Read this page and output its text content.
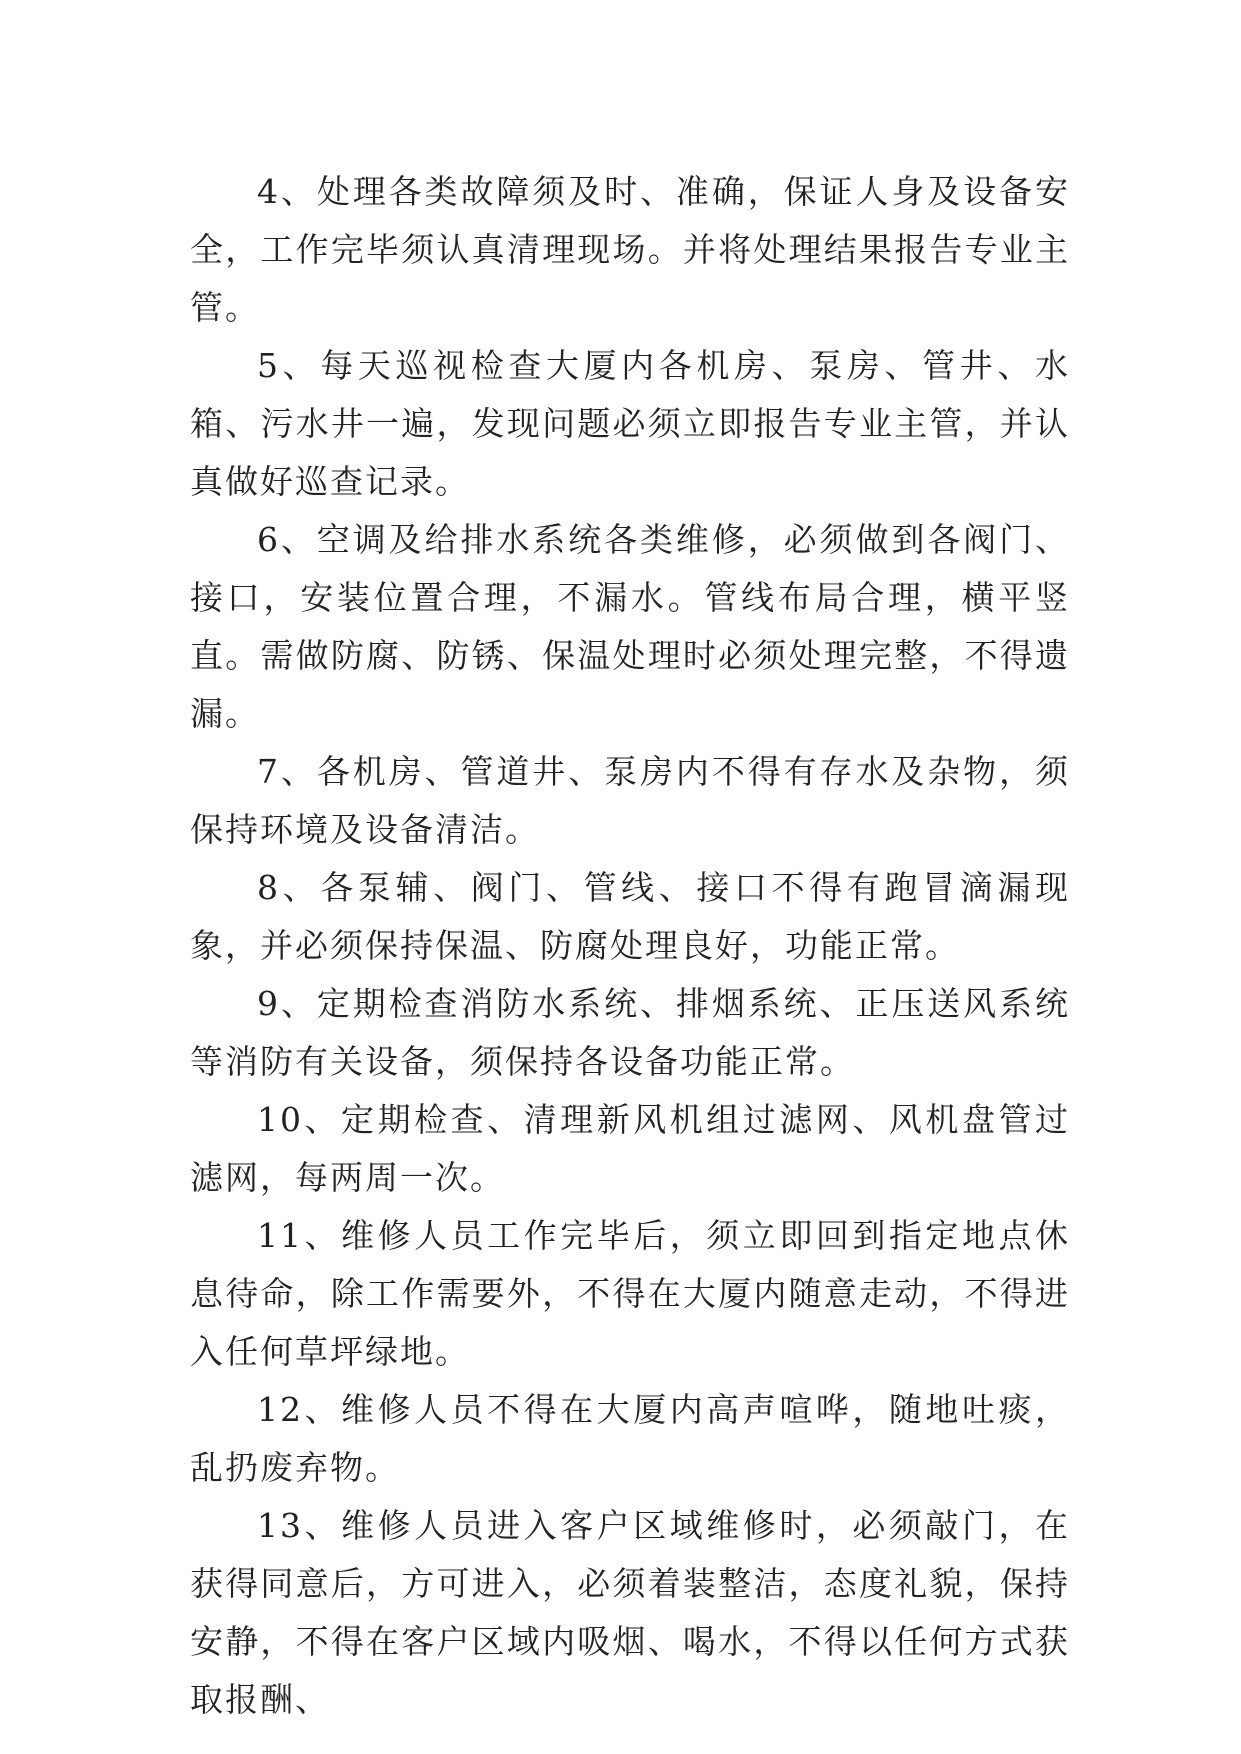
4、处理各类故障须及时、准确，保证人身及设备安全，工作完毕须认真清理现场。并将处理结果报告专业主管。

5、每天巡视检查大厦内各机房、泵房、管井、水箱、污水井一遍，发现问题必须立即报告专业主管，并认真做好巡查记录。

6、空调及给排水系统各类维修，必须做到各阀门、接口，安装位置合理，不漏水。管线布局合理，横平竖直。需做防腐、防锈、保温处理时必须处理完整，不得遗漏。

7、各机房、管道井、泵房内不得有存水及杂物，须保持环境及设备清洁。

8、各泵辅、阀门、管线、接口不得有跑冒滴漏现象，并必须保持保温、防腐处理良好，功能正常。

9、定期检查消防水系统、排烟系统、正压送风系统等消防有关设备，须保持各设备功能正常。

10、定期检查、清理新风机组过滤网、风机盘管过滤网，每两周一次。

11、维修人员工作完毕后，须立即回到指定地点休息待命，除工作需要外，不得在大厦内随意走动，不得进入任何草坪绿地。

12、维修人员不得在大厦内高声喧哗，随地吐痰，乱扔废弃物。

13、维修人员进入客户区域维修时，必须敲门，在获得同意后，方可进入，必须着装整洁，态度礼貌，保持安静，不得在客户区域内吸烟、喝水，不得以任何方式获取报酬、
